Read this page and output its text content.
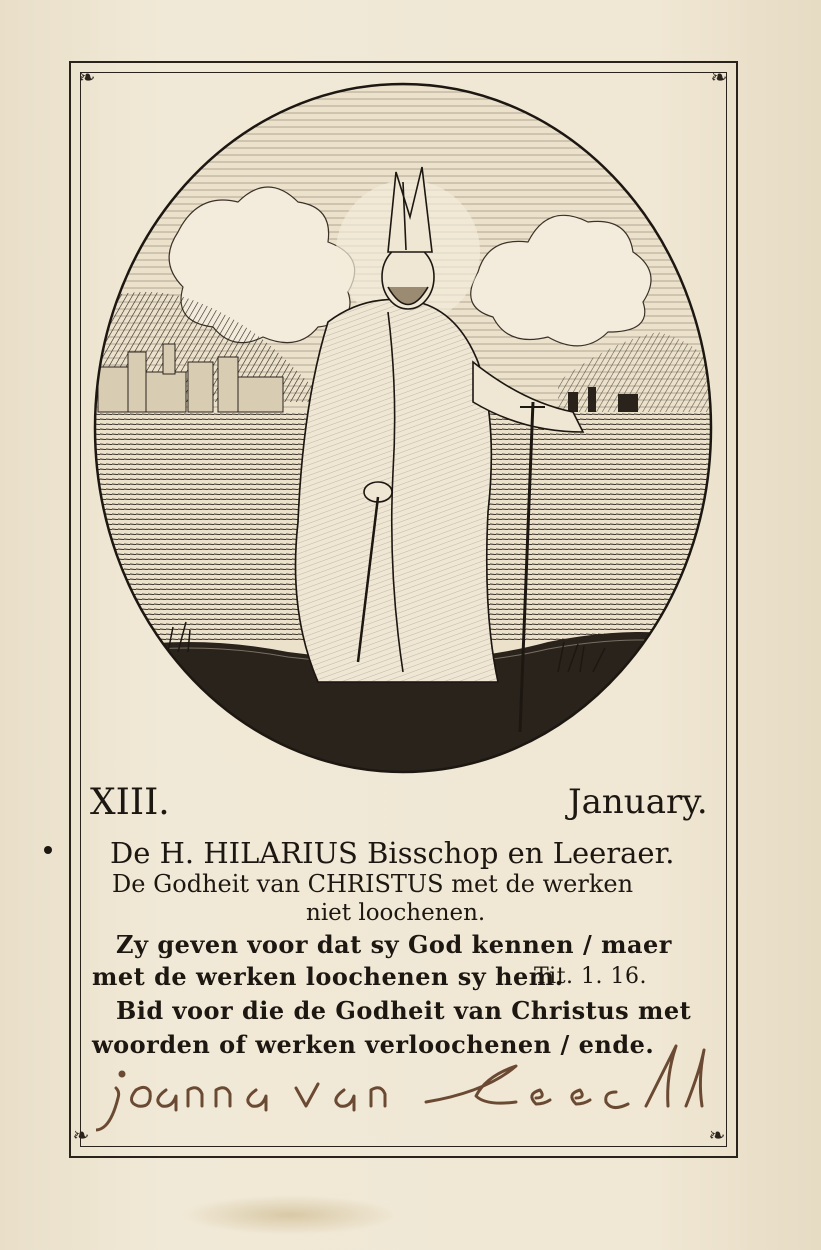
❧	❧
❧	❧
XIII.	January.
De H. HILARIUS Bisschop en Leeraer.
De Godheit van CHRISTUS met de werken
niet loochenen.
Zy geven voor dat sy God kennen / maer
met de werken loochenen sy hem.
Tit. 1. 16.
Bid voor die de Godheit van Christus met
woorden of werken verloochenen / ende.
